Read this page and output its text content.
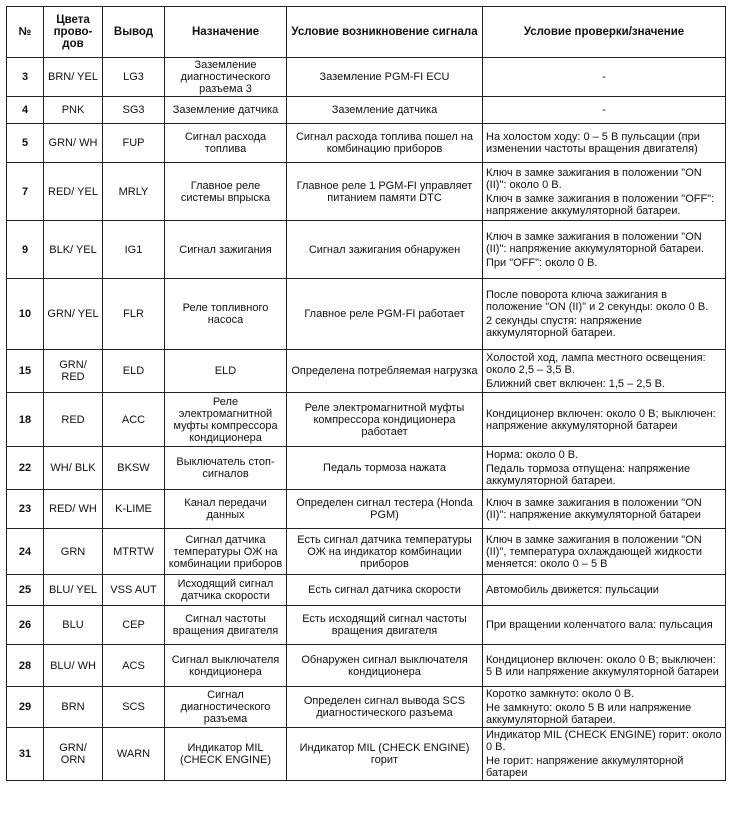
№	Цвета прово-дов	Вывод	Назначение	Условие возникновение сигнала	Условие проверки/значение
3	BRN/ YEL	LG3	Заземление диагностического разъема 3	Заземление PGM-FI ECU	-

4	PNK	SG3	Заземление датчика	Заземление датчика	-

5	GRN/ WH	FUP	Сигнал расхода топлива	Сигнал расхода топлива пошел на комбинацию приборов	На холостом ходу: 0 – 5 В пульсации (при изменении частоты вращения двигателя)

7	RED/ YEL	MRLY	Главное реле системы впрыска	Главное реле 1 PGM-FI управляет питанием памяти DTC	Ключ в замке зажигания в положении "ON (II)": около 0 В.
Ключ в замке зажигания в положении "OFF": напряжение аккумуляторной батареи.

9	BLK/ YEL	IG1	Сигнал зажигания	Сигнал зажигания обнаружен	Ключ в замке зажигания в положении "ON (II)": напряжение аккумуляторной батареи.
При "OFF": около 0 В.

10	GRN/ YEL	FLR	Реле топливного насоса	Главное реле PGM-FI работает	После поворота ключа зажигания в положение "ON (II)" и 2 секунды: около 0 В.
2 секунды спустя: напряжение аккумуляторной батареи.

15	GRN/ RED	ELD	ELD	Определена потребляемая нагрузка	Холостой ход, лампа местного освещения: около 2,5 – 3,5 В.
Ближний свет включен: 1,5 – 2,5 В.

18	RED	ACC	Реле электромагнитной муфты компрессора кондиционера	Реле электромагнитной муфты компрессора кондиционера работает	Кондиционер включен: около 0 В; выключен: напряжение аккумуляторной батареи

22	WH/ BLK	BKSW	Выключатель стоп-сигналов	Педаль тормоза нажата	Норма: около 0 В.
Педаль тормоза отпущена: напряжение аккумуляторной батареи.

23	RED/ WH	K-LIME	Канал передачи данных	Определен сигнал тестера (Honda PGM)	Ключ в замке зажигания в положении "ON (II)": напряжение аккумуляторной батареи

24	GRN	MTRTW	Сигнал датчика температуры ОЖ на комбинации приборов	Есть сигнал датчика температуры ОЖ на индикатор комбинации приборов	Ключ в замке зажигания в положении "ON (II)", температура охлаждающей жидкости меняется: около 0 – 5 В

25	BLU/ YEL	VSS AUT	Исходящий сигнал датчика скорости	Есть сигнал датчика скорости	Автомобиль движется: пульсации

26	BLU	CEP	Сигнал частоты вращения двигателя	Есть исходящий сигнал частоты вращения двигателя	При вращении коленчатого вала: пульсация

28	BLU/ WH	ACS	Сигнал выключателя кондиционера	Обнаружен сигнал выключателя кондиционера	Кондиционер включен: около 0 В; выключен: 5 В или напряжение аккумуляторной батареи

29	BRN	SCS	Сигнал диагностического разъема	Определен сигнал вывода SCS диагностического разъема	Коротко замкнуто: около 0 В.
Не замкнуто: около 5 В или напряжение аккумуляторной батареи.

31	GRN/ ORN	WARN	Индикатор MIL (CHECK ENGINE)	Индикатор MIL (CHECK ENGINE) горит	Индикатор MIL (CHECK ENGINE) горит: около 0 В.
Не горит: напряжение аккумуляторной батареи
